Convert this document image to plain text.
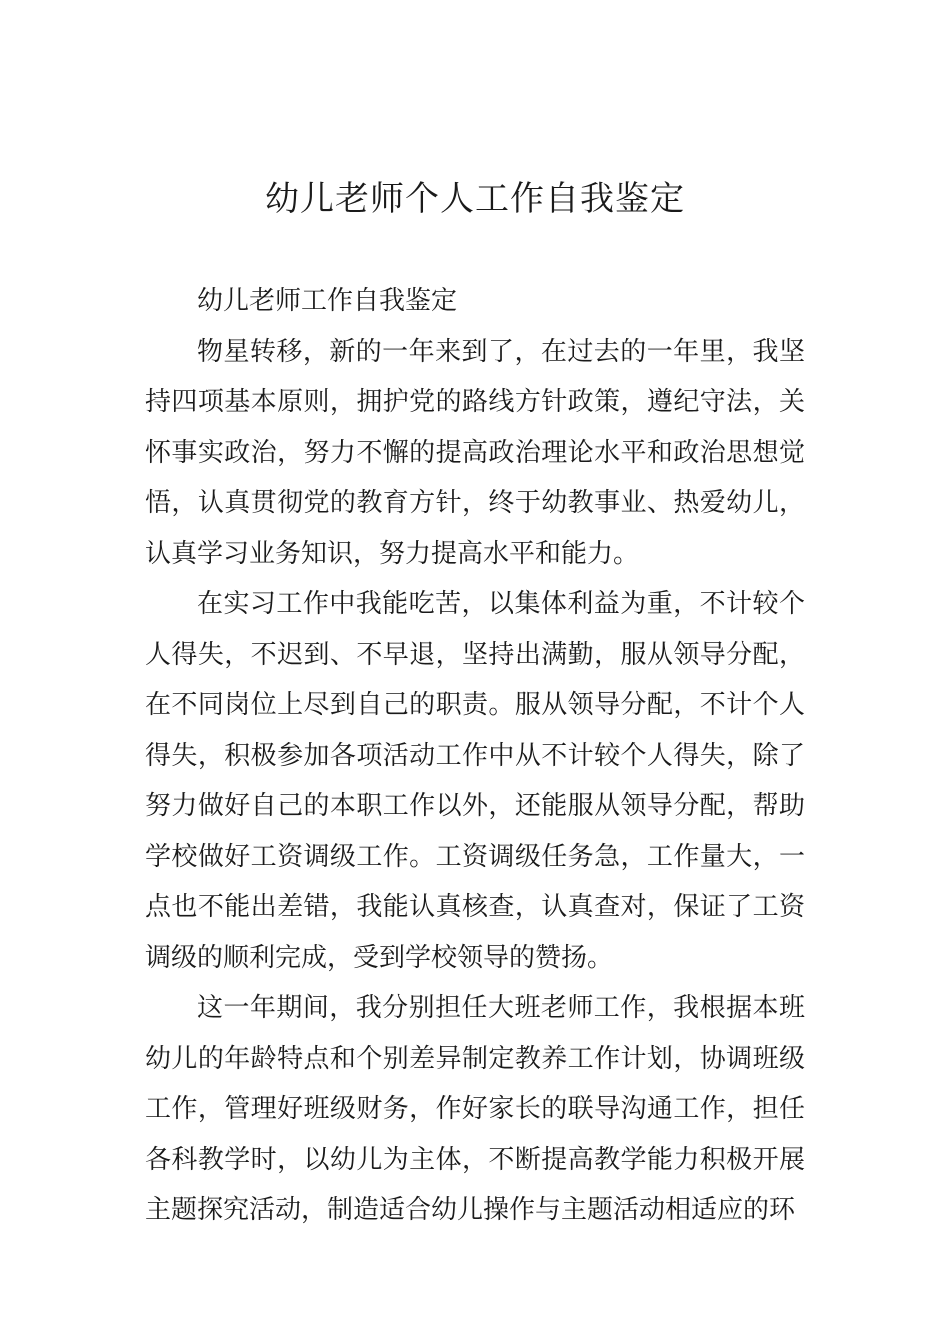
幼儿老师个人工作自我鉴定

幼儿老师工作自我鉴定

物星转移，新的一年来到了，在过去的一年里，我坚持四项基本原则，拥护党的路线方针政策，遵纪守法，关怀事实政治，努力不懈的提高政治理论水平和政治思想觉悟，认真贯彻党的教育方针，终于幼教事业、热爱幼儿，认真学习业务知识，努力提高水平和能力。

在实习工作中我能吃苦，以集体利益为重，不计较个人得失，不迟到、不早退，坚持出满勤，服从领导分配，在不同岗位上尽到自己的职责。服从领导分配，不计个人得失，积极参加各项活动工作中从不计较个人得失，除了努力做好自己的本职工作以外，还能服从领导分配，帮助学校做好工资调级工作。工资调级任务急，工作量大，一点也不能出差错，我能认真核查，认真查对，保证了工资调级的顺利完成，受到学校领导的赞扬。

这一年期间，我分别担任大班老师工作，我根据本班幼儿的年龄特点和个别差异制定教养工作计划，协调班级工作，管理好班级财务，作好家长的联导沟通工作，担任各科教学时，以幼儿为主体，不断提高教学能力积极开展主题探究活动，制造适合幼儿操作与主题活动相适应的环
